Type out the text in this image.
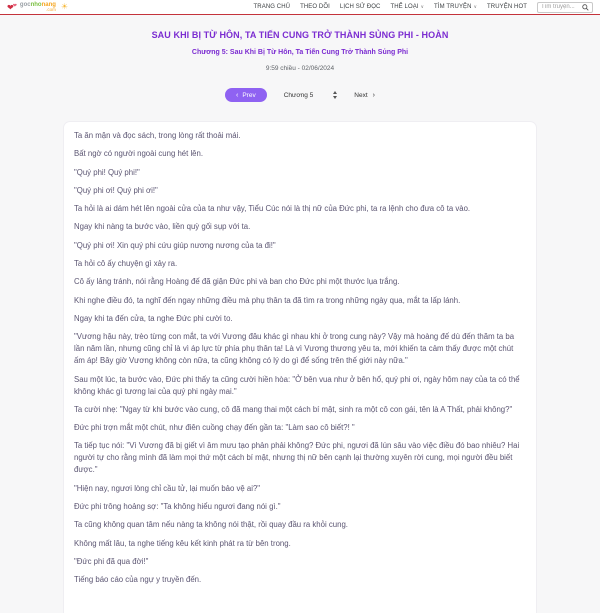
❤ ❤ gocnhonang
.com ☀	TRANG CHỦ THEO DÕI LỊCH SỬ ĐỌC THỂ LOẠI ∨ TÌM TRUYỆN ∨ TRUYỆN HOT
Tìm truyện...
SAU KHI BỊ TỪ HÔN, TA TIẾN CUNG TRỞ THÀNH SỦNG PHI - HOÀN
Chương 5: Sau Khi Bị Từ Hôn, Ta Tiến Cung Trở Thành Sủng Phi
9:59 chiều - 02/06/2024
‹ Prev	Chương 5	Next ›

Ta ăn mận và đọc sách, trong lòng rất thoải mái.

Bất ngờ có người ngoài cung hét lên.

"Quý phi! Quý phi!"

"Quý phi ơi! Quý phi ơi!"

Ta hỏi là ai dám hét lên ngoài cửa của ta như vậy, Tiểu Cúc nói là thị nữ của Đức phi, ta ra lệnh cho đưa cô ta vào.

Ngay khi nàng ta bước vào, liền quỳ gối sụp với ta.

"Quý phi ơi! Xin quý phi cứu giúp nương nương của ta đi!"

Ta hỏi cô ấy chuyện gì xảy ra.

Cô ấy lảng tránh, nói rằng Hoàng đế đã giận Đức phi và ban cho Đức phi một thước lụa trắng.

Khi nghe điều đó, ta nghĩ đến ngay những điều mà phụ thân ta đã tìm ra trong những ngày qua, mắt ta lấp lánh.

Ngay khi ta đến cửa, ta nghe Đức phi cười to.

"Vương hậu này, trèo từng con mắt, ta với Vương đâu khác gì nhau khi ở trong cung này? Vậy mà hoàng đế dù đến thăm ta ba lần năm lần, nhưng cũng chỉ là vì áp lực từ phía phụ thân ta! Là vì Vương thương yêu ta, mới khiến ta cảm thấy được một chút ấm áp! Bây giờ Vương không còn nữa, ta cũng không có lý do gì để sống trên thế giới này nữa."

Sau một lúc, ta bước vào, Đức phi thấy ta cũng cười hiền hòa: "Ở bên vua như ở bên hổ, quý phi ơi, ngày hôm nay của ta có thể không khác gì tương lai của quý phi ngày mai."

Ta cười nhẹ: "Ngay từ khi bước vào cung, cô đã mang thai một cách bí mật, sinh ra một cô con gái, tên là A Thất, phải không?"

Đức phi trợn mắt một chút, như điên cuồng chạy đến gần ta: "Làm sao cô biết?! "

Ta tiếp tục nói: "Vì Vương đã bị giết vì âm mưu tạo phản phải không? Đức phi, ngươi đã lún sâu vào việc điều đó bao nhiêu? Hai người tự cho rằng mình đã làm mọi thứ một cách bí mật, nhưng thị nữ bên cạnh lại thường xuyên rời cung, mọi người đều biết được."

"Hiện nay, ngươi lòng chỉ cầu tử, lại muốn bảo vệ ai?"

Đức phi trông hoảng sợ: "Ta không hiểu ngươi đang nói gì."

Ta cũng không quan tâm nếu nàng ta không nói thật, rồi quay đầu ra khỏi cung.

Không mất lâu, ta nghe tiếng kêu kết kinh phát ra từ bên trong.

"Đức phi đã qua đời!"

Tiếng báo cáo của ngự y truyền đến.
